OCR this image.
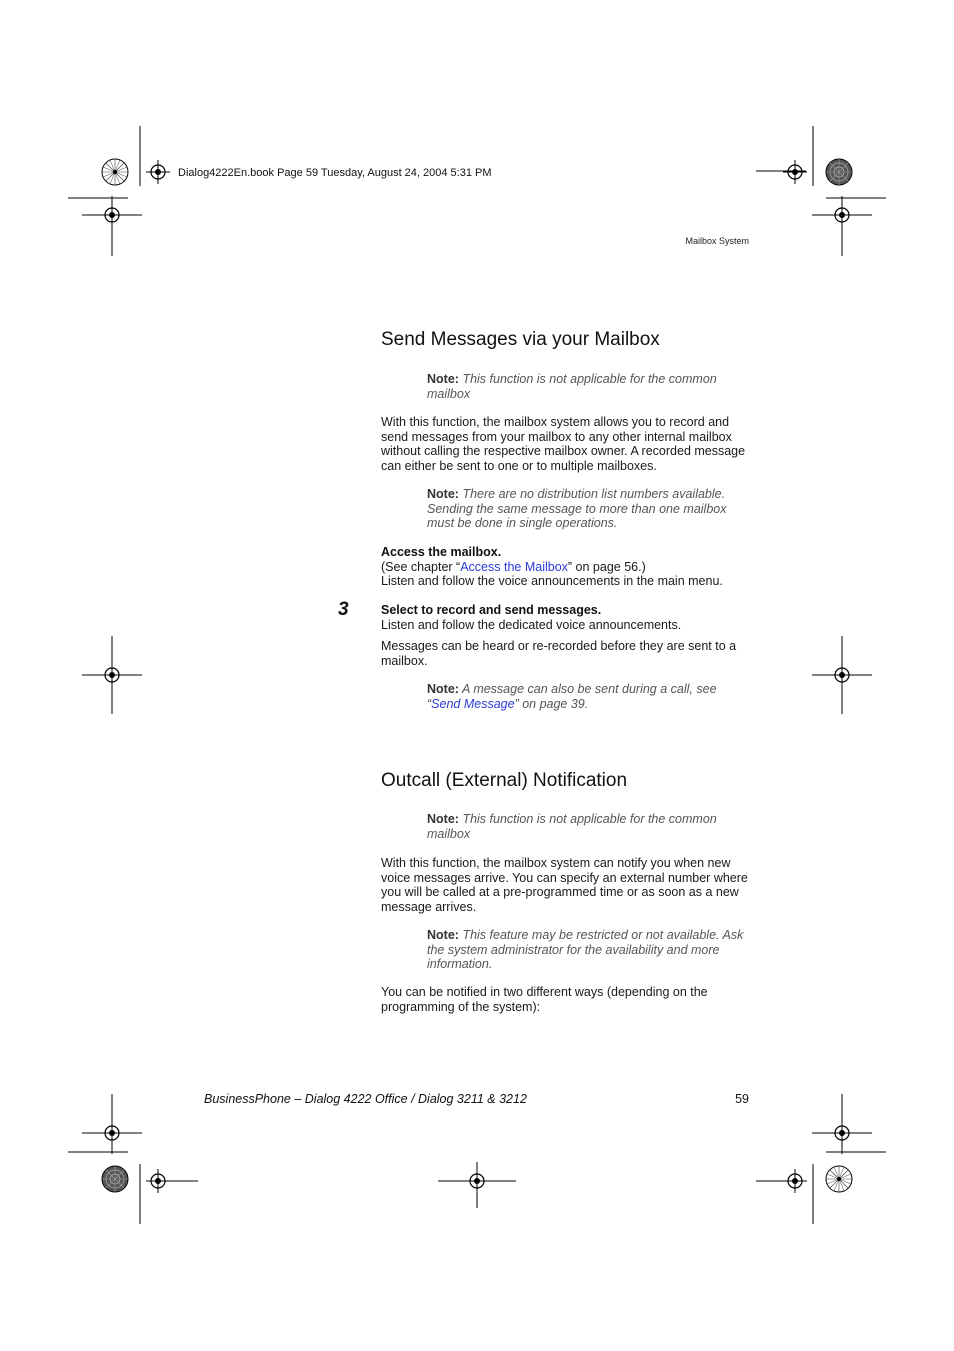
Dialog4222En.book Page 59 Tuesday, August 24, 2004 5:31 PM
Mailbox System
Send Messages via your Mailbox
Note: This function is not applicable for the common mailbox

With this function, the mailbox system allows you to record and send messages from your mailbox to any other internal mailbox without calling the respective mailbox owner. A recorded message can either be sent to one or to multiple mailboxes.

Note: There are no distribution list numbers available. Sending the same message to more than one mailbox must be done in single operations.

Access the mailbox.

(See chapter “Access the Mailbox” on page 56.)

Listen and follow the voice announcements in the main menu.

3	Select to record and send messages.

Listen and follow the dedicated voice announcements.

Messages can be heard or re-recorded before they are sent to a mailbox.

Note: A message can also be sent during a call, see “Send Message” on page 39.
Outcall (External) Notification
Note: This function is not applicable for the common mailbox

With this function, the mailbox system can notify you when new voice messages arrive. You can specify an external number where you will be called at a pre-programmed time or as soon as a new message arrives.

Note: This feature may be restricted or not available. Ask the system administrator for the availability and more information.

You can be notified in two different ways (depending on the programming of the system):

BusinessPhone – Dialog 4222 Office / Dialog 3211 & 3212	59
